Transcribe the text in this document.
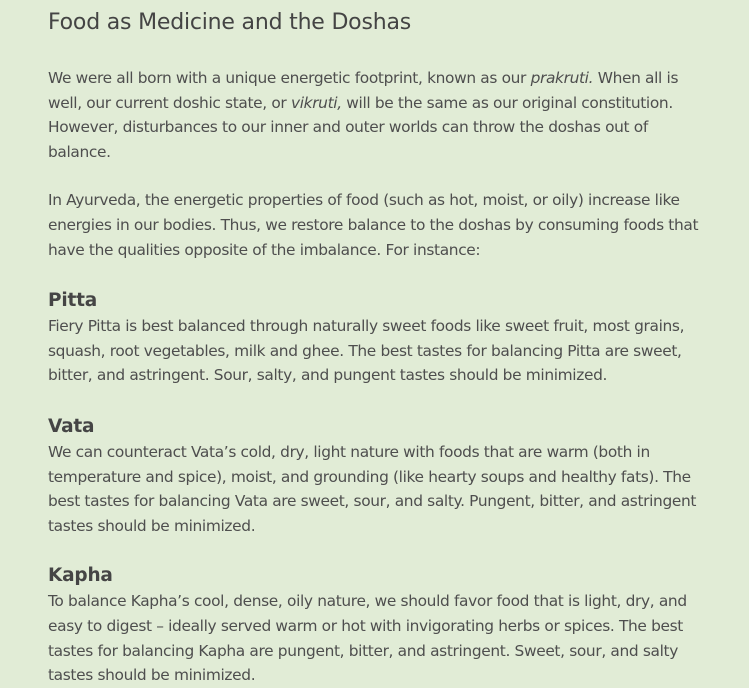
Food as Medicine and the Doshas

We were all born with a unique energetic footprint, known as our prakruti. When all is well, our current doshic state, or vikruti, will be the same as our original constitution. However, disturbances to our inner and outer worlds can throw the doshas out of balance.

In Ayurveda, the energetic properties of food (such as hot, moist, or oily) increase like energies in our bodies. Thus, we restore balance to the doshas by consuming foods that have the qualities opposite of the imbalance. For instance:

Pitta

Fiery Pitta is best balanced through naturally sweet foods like sweet fruit, most grains, squash, root vegetables, milk and ghee. The best tastes for balancing Pitta are sweet, bitter, and astringent. Sour, salty, and pungent tastes should be minimized.

Vata

We can counteract Vata’s cold, dry, light nature with foods that are warm (both in temperature and spice), moist, and grounding (like hearty soups and healthy fats). The best tastes for balancing Vata are sweet, sour, and salty. Pungent, bitter, and astringent tastes should be minimized.

Kapha

To balance Kapha’s cool, dense, oily nature, we should favor food that is light, dry, and easy to digest – ideally served warm or hot with invigorating herbs or spices. The best tastes for balancing Kapha are pungent, bitter, and astringent. Sweet, sour, and salty tastes should be minimized.
